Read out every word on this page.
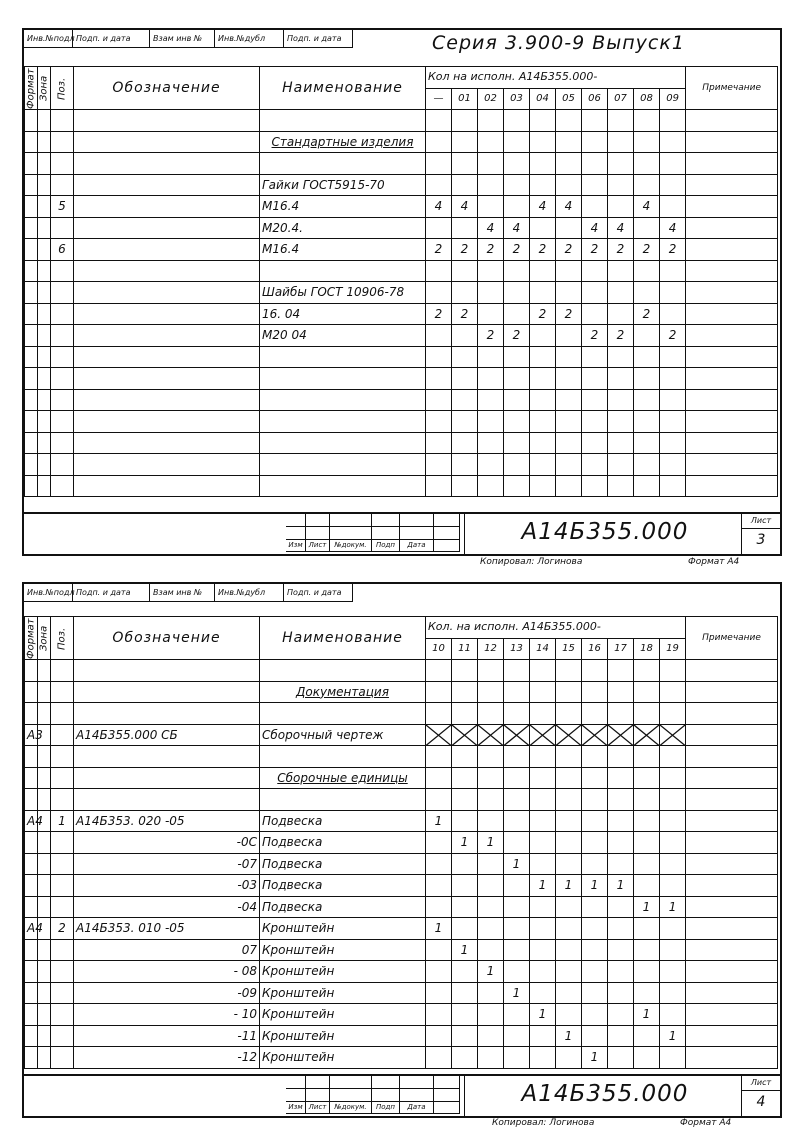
Инв.№подл Подп. и дата	Взам инв №	Инв.№дубл	Подп. и дата	Серия 3.900-9 Выпуск1
Формат	Зона	Поз.	Обозначение	Наименование	Кол на исполн. А14Б355.000-										Примечание
					—	01	02	03	04	05	06	07	08	09	

				Стандартные изделия											

				Гайки ГОСТ5915-70											
		5		М16.4	4	4			4	4			4		
				М20.4.			4	4			4	4		4	
		6		М16.4	2	2	2	2	2	2	2	2	2	2	

				Шайбы ГОСТ 10906-78											
				16. 04	2	2			2	2			2		
				М20 04			2	2			2	2		2	

Изм Лист	№докум.	Подп	Дата	А14Б355.000	Лист
3
Копировал: Логинова	Формат А4
Инв.№подл Подп. и дата	Взам инв №	Инв.№дубл	Подп. и дата
Формат	Зона	Поз.	Обозначение	Наименование	Кол. на исполн. А14Б355.000-										Примечание
					10	11	12	13	14	15	16	17	18	19	

				Документация											

А3			А14Б355.000 СБ	Сборочный чертеж	

				Сборочные единицы											

А4		1	А14Б353. 020 -05	Подвеска	1										
			-0С	Подвеска		1	1								
			-07	Подвеска				1							
			-03	Подвеска					1	1	1	1			
			-04	Подвеска									1	1	
А4		2	А14Б353. 010 -05	Кронштейн	1										
			07	Кронштейн		1									
			- 08	Кронштейн			1								
			-09	Кронштейн				1							
			- 10	Кронштейн					1				1		
			-11	Кронштейн						1				1	
			-12	Кронштейн							1				
Изм Лист	№докум.	Подп	Дата	А14Б355.000	Лист
4
Копировал: Логинова	Формат А4
